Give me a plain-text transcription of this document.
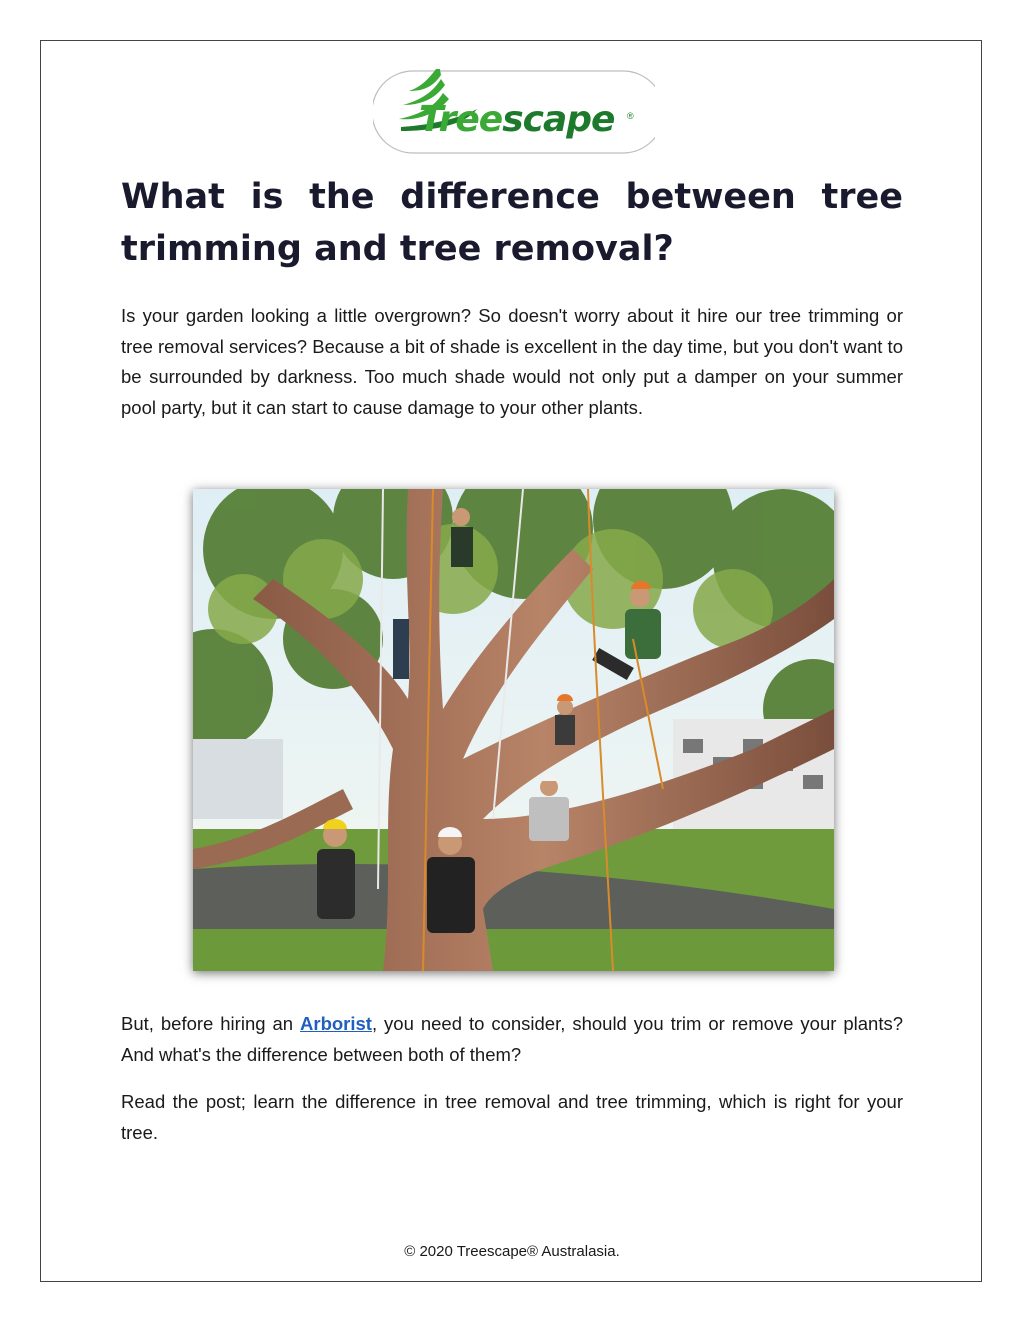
Treescape ®
What is the difference between tree trimming and tree removal?

Is your garden looking a little overgrown? So doesn't worry about it hire our tree trimming or tree removal services? Because a bit of shade is excellent in the day time, but you don't want to be surrounded by darkness. Too much shade would not only put a damper on your summer pool party, but it can start to cause damage to your other plants.

But, before hiring an Arborist, you need to consider, should you trim or remove your plants? And what's the difference between both of them?

Read the post; learn the difference in tree removal and tree trimming, which is right for your tree.

© 2020 Treescape® Australasia.
